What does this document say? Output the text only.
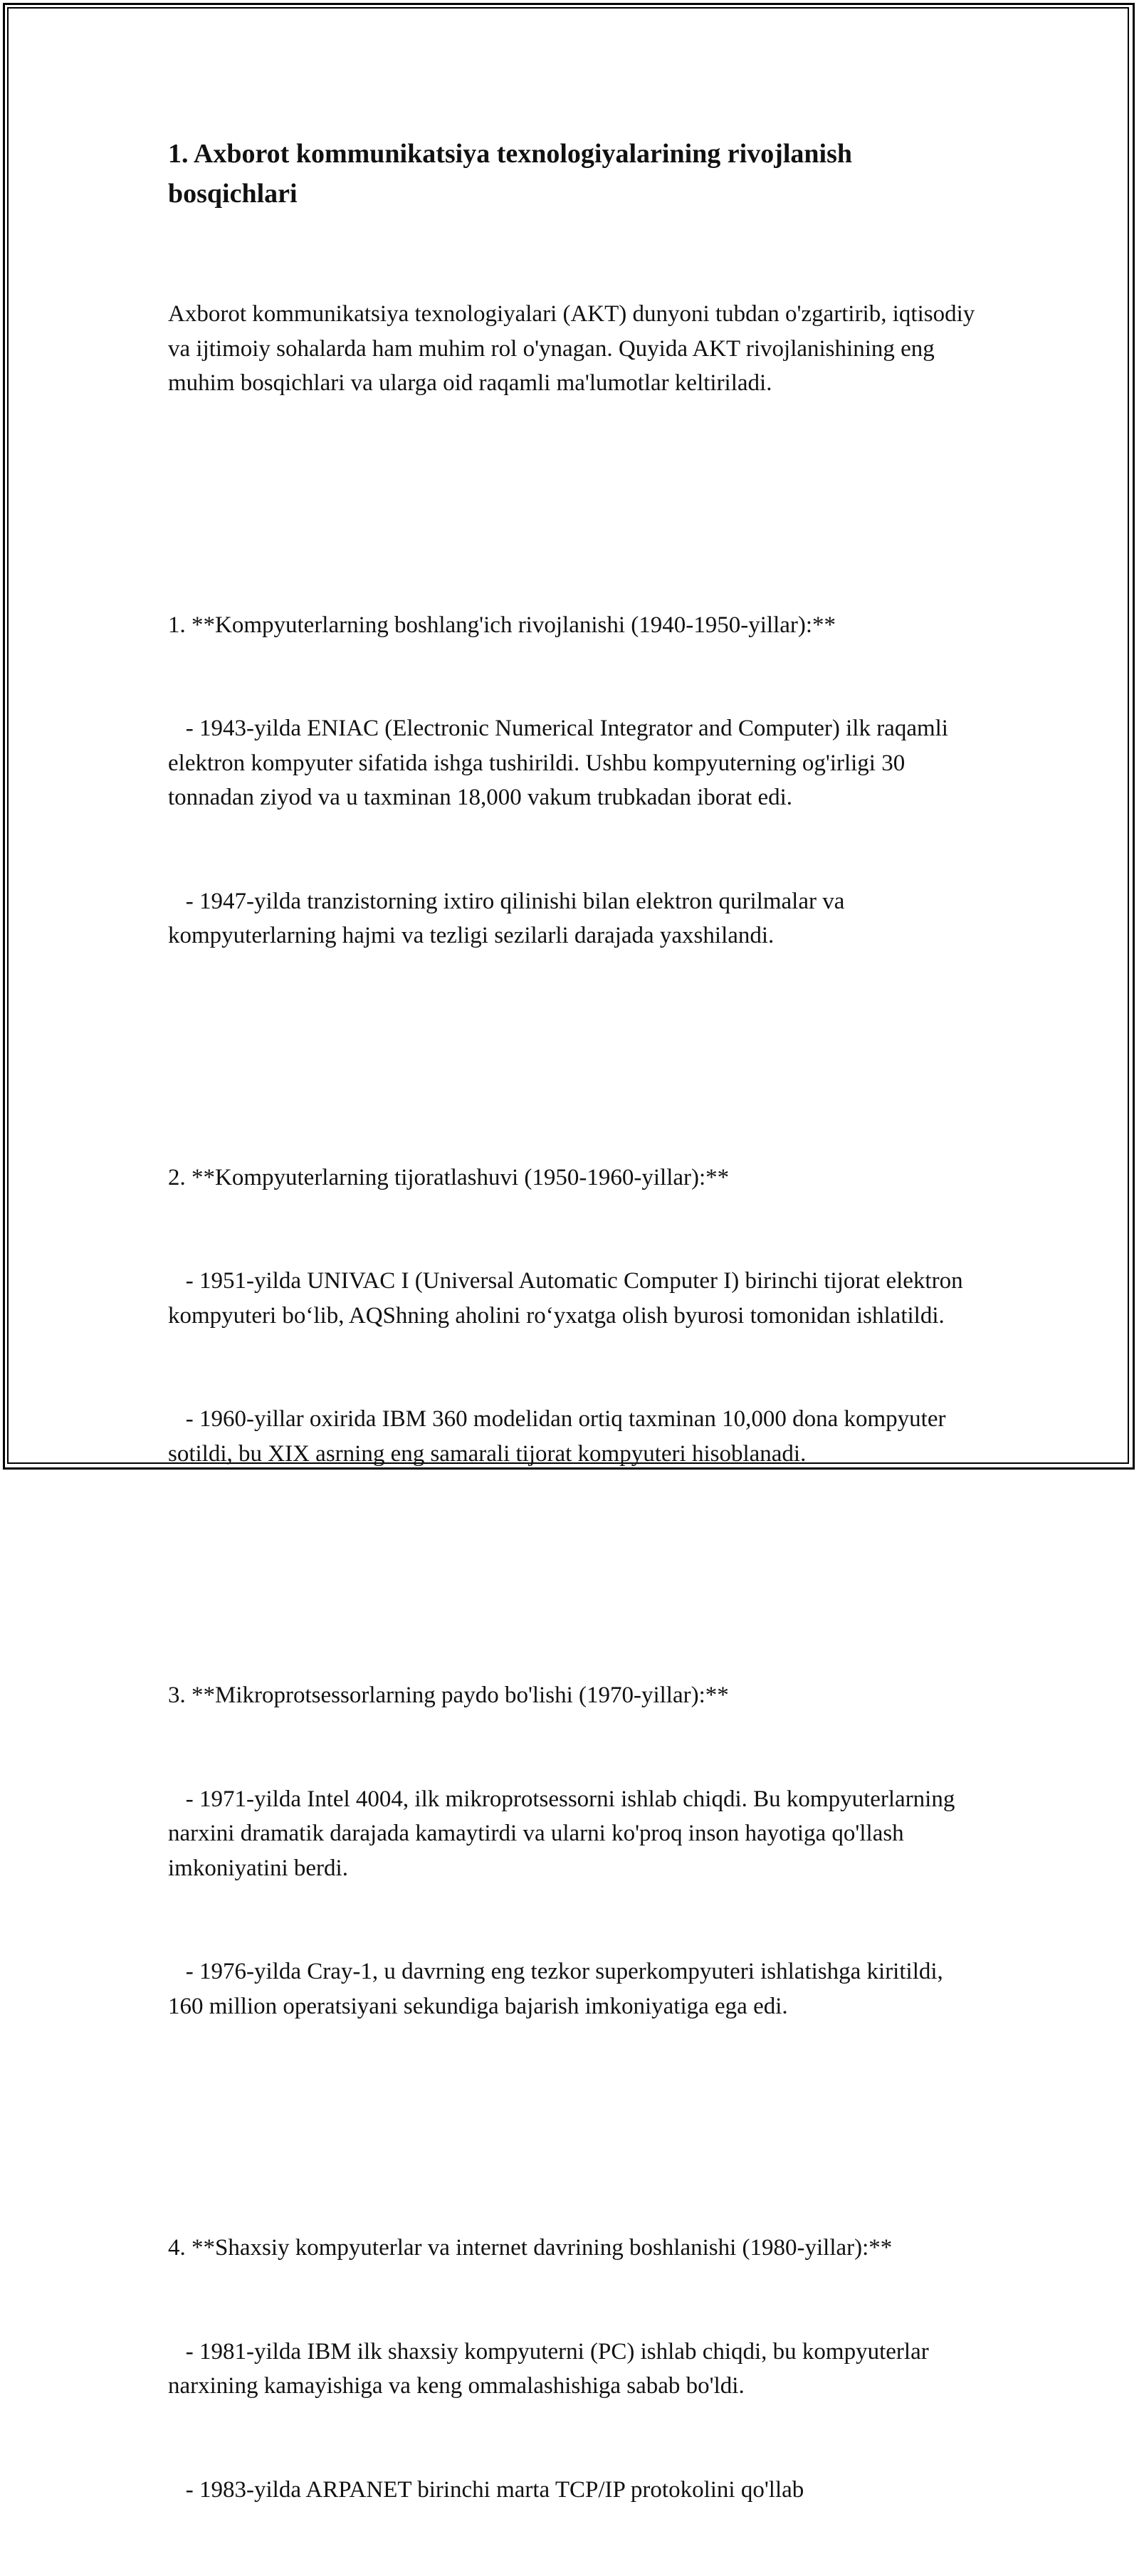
1. Axborot kommunikatsiya texnologiyalarining rivojlanish bosqichlari

Axborot kommunikatsiya texnologiyalari (AKT) dunyoni tubdan o'zgartirib, iqtisodiy va ijtimoiy sohalarda ham muhim rol o'ynagan. Quyida AKT rivojlanishining eng muhim bosqichlari va ularga oid raqamli ma'lumotlar keltiriladi.

1. **Kompyuterlarning boshlang'ich rivojlanishi (1940-1950-yillar):**

- 1943-yilda ENIAC (Electronic Numerical Integrator and Computer) ilk raqamli elektron kompyuter sifatida ishga tushirildi. Ushbu kompyuterning og'irligi 30 tonnadan ziyod va u taxminan 18,000 vakum trubkadan iborat edi.

- 1947-yilda tranzistorning ixtiro qilinishi bilan elektron qurilmalar va kompyuterlarning hajmi va tezligi sezilarli darajada yaxshilandi.

2. **Kompyuterlarning tijoratlashuvi (1950-1960-yillar):**

- 1951-yilda UNIVAC I (Universal Automatic Computer I) birinchi tijorat elektron kompyuteri bo‘lib, AQShning aholini ro‘yxatga olish byurosi tomonidan ishlatildi.

- 1960-yillar oxirida IBM 360 modelidan ortiq taxminan 10,000 dona kompyuter sotildi, bu XIX asrning eng samarali tijorat kompyuteri hisoblanadi.

3. **Mikroprotsessorlarning paydo bo'lishi (1970-yillar):**

- 1971-yilda Intel 4004, ilk mikroprotsessorni ishlab chiqdi. Bu kompyuterlarning narxini dramatik darajada kamaytirdi va ularni ko'proq inson hayotiga qo'llash imkoniyatini berdi.

- 1976-yilda Cray-1, u davrning eng tezkor superkompyuteri ishlatishga kiritildi, 160 million operatsiyani sekundiga bajarish imkoniyatiga ega edi.

4. **Shaxsiy kompyuterlar va internet davrining boshlanishi (1980-yillar):**

- 1981-yilda IBM ilk shaxsiy kompyuterni (PC) ishlab chiqdi, bu kompyuterlar narxining kamayishiga va keng ommalashishiga sabab bo'ldi.

- 1983-yilda ARPANET birinchi marta TCP/IP protokolini qo'llab
